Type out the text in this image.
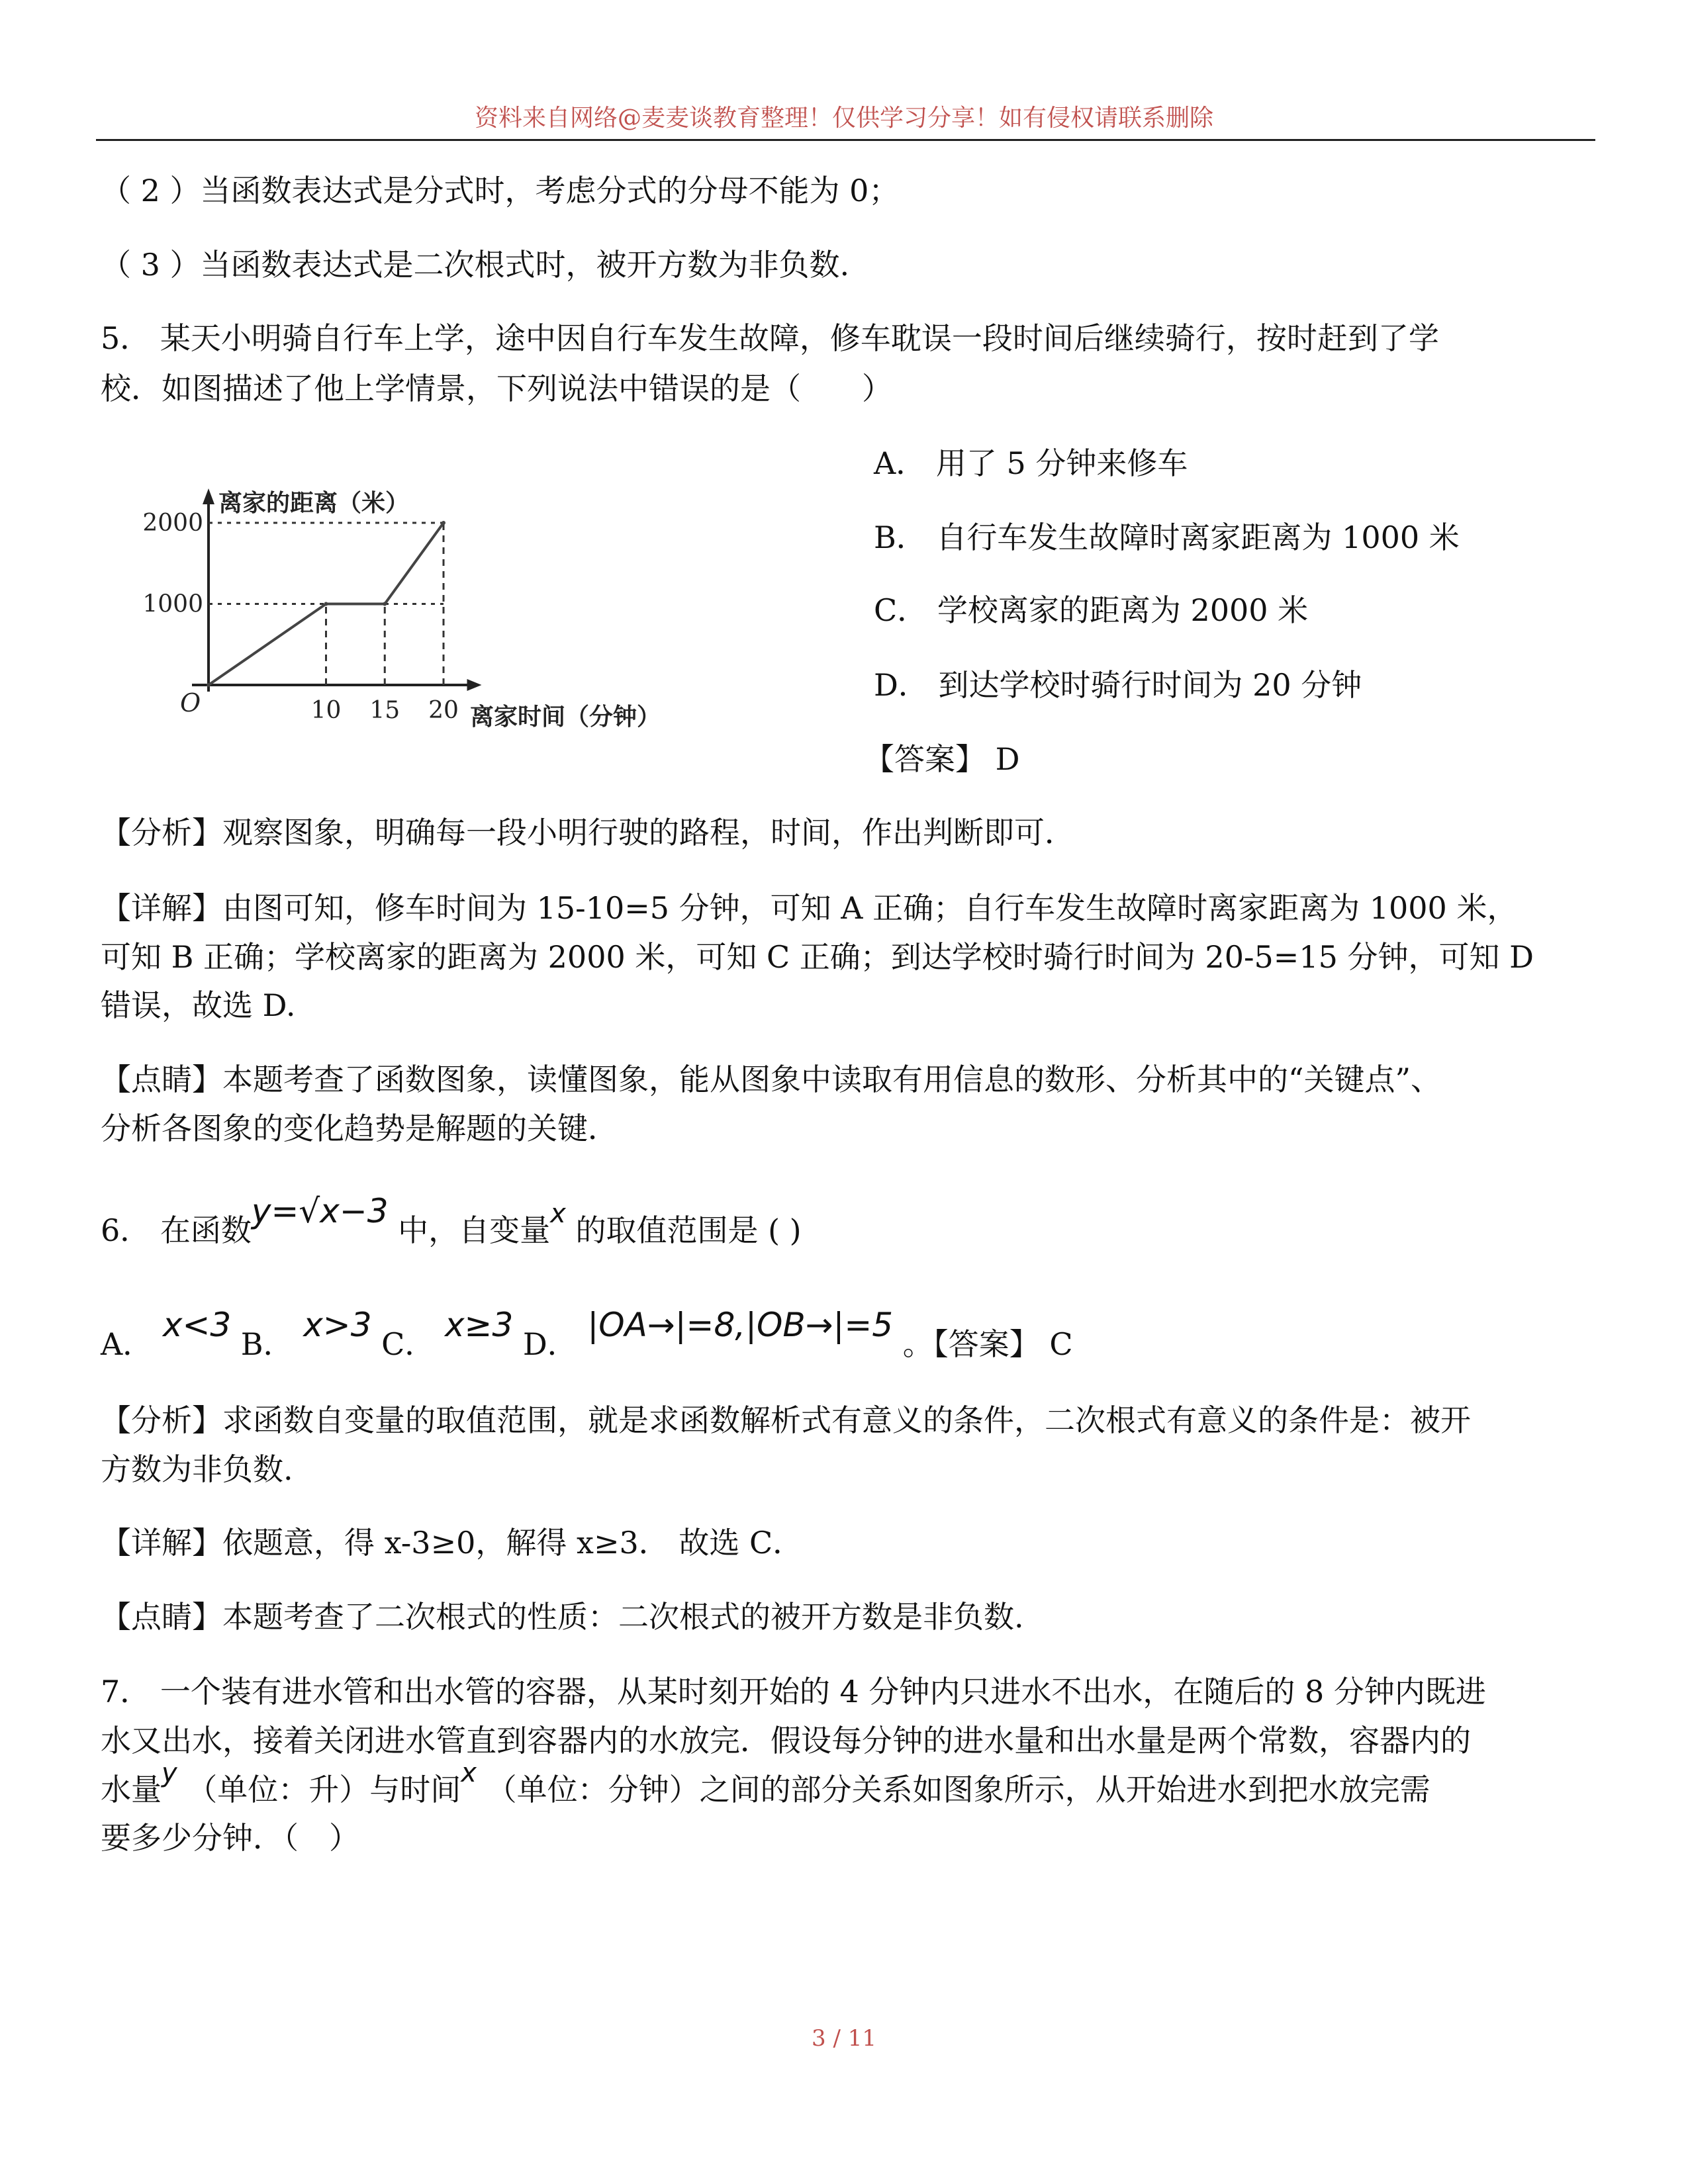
资料来自网络@麦麦谈教育整理！仅供学习分享！如有侵权请联系删除
（ 2 ）当函数表达式是分式时，考虑分式的分母不能为 0；
（ 3 ）当函数表达式是二次根式时，被开方数为非负数.
5． 某天小明骑自行车上学，途中因自行车发生故障，修车耽误一段时间后继续骑行，按时赶到了学
校．如图描述了他上学情景，下列说法中错误的是（　　）
A． 用了 5 分钟来修车
B． 自行车发生故障时离家距离为 1000 米
C． 学校离家的距离为 2000 米
D． 到达学校时骑行时间为 20 分钟
【答案】 D
离家的距离（米）
离家时间（分钟）
O
1000
2000
10 15 20
【分析】观察图象，明确每一段小明行驶的路程，时间，作出判断即可．
【详解】由图可知，修车时间为 15-10=5 分钟，可知 A 正确；自行车发生故障时离家距离为 1000 米，
可知 B 正确；学校离家的距离为 2000 米，可知 C 正确；到达学校时骑行时间为 20-5=15 分钟，可知 D
错误，故选 D.
【点睛】本题考查了函数图象，读懂图象，能从图象中读取有用信息的数形、分析其中的“关键点”、
分析各图象的变化趋势是解题的关键．
6． 在函数y=√x−3 中，自变量x 的取值范围是 ( )
A． x<3 B． x>3 C． x≥3 D． |OA→|=8,|OB→|=5 。【答案】 C
【分析】求函数自变量的取值范围，就是求函数解析式有意义的条件，二次根式有意义的条件是：被开
方数为非负数.
【详解】依题意，得 x-3≥0，解得 x≥3． 故选 C．
【点睛】本题考查了二次根式的性质：二次根式的被开方数是非负数.
7． 一个装有进水管和出水管的容器，从某时刻开始的 4 分钟内只进水不出水，在随后的 8 分钟内既进
水又出水，接着关闭进水管直到容器内的水放完．假设每分钟的进水量和出水量是两个常数，容器内的
水量y （单位：升）与时间x （单位：分钟）之间的部分关系如图象所示，从开始进水到把水放完需
要多少分钟．（　）
3 / 11
